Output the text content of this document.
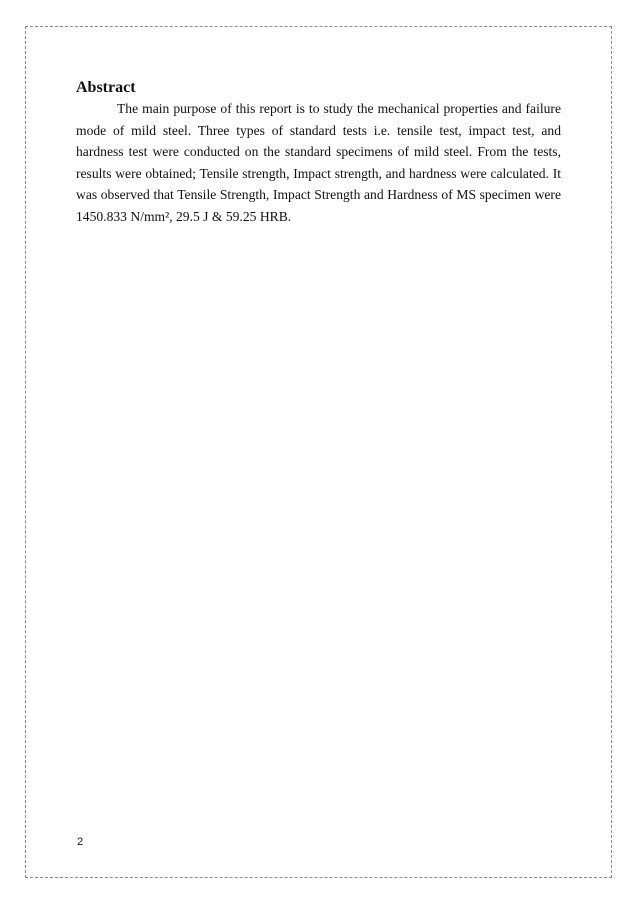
Abstract

The main purpose of this report is to study the mechanical properties and failure mode of mild steel. Three types of standard tests i.e. tensile test, impact test, and hardness test were conducted on the standard specimens of mild steel. From the tests, results were obtained; Tensile strength, Impact strength, and hardness were calculated. It was observed that Tensile Strength, Impact Strength and Hardness of MS specimen were 1450.833 N/mm², 29.5 J & 59.25 HRB.

2
